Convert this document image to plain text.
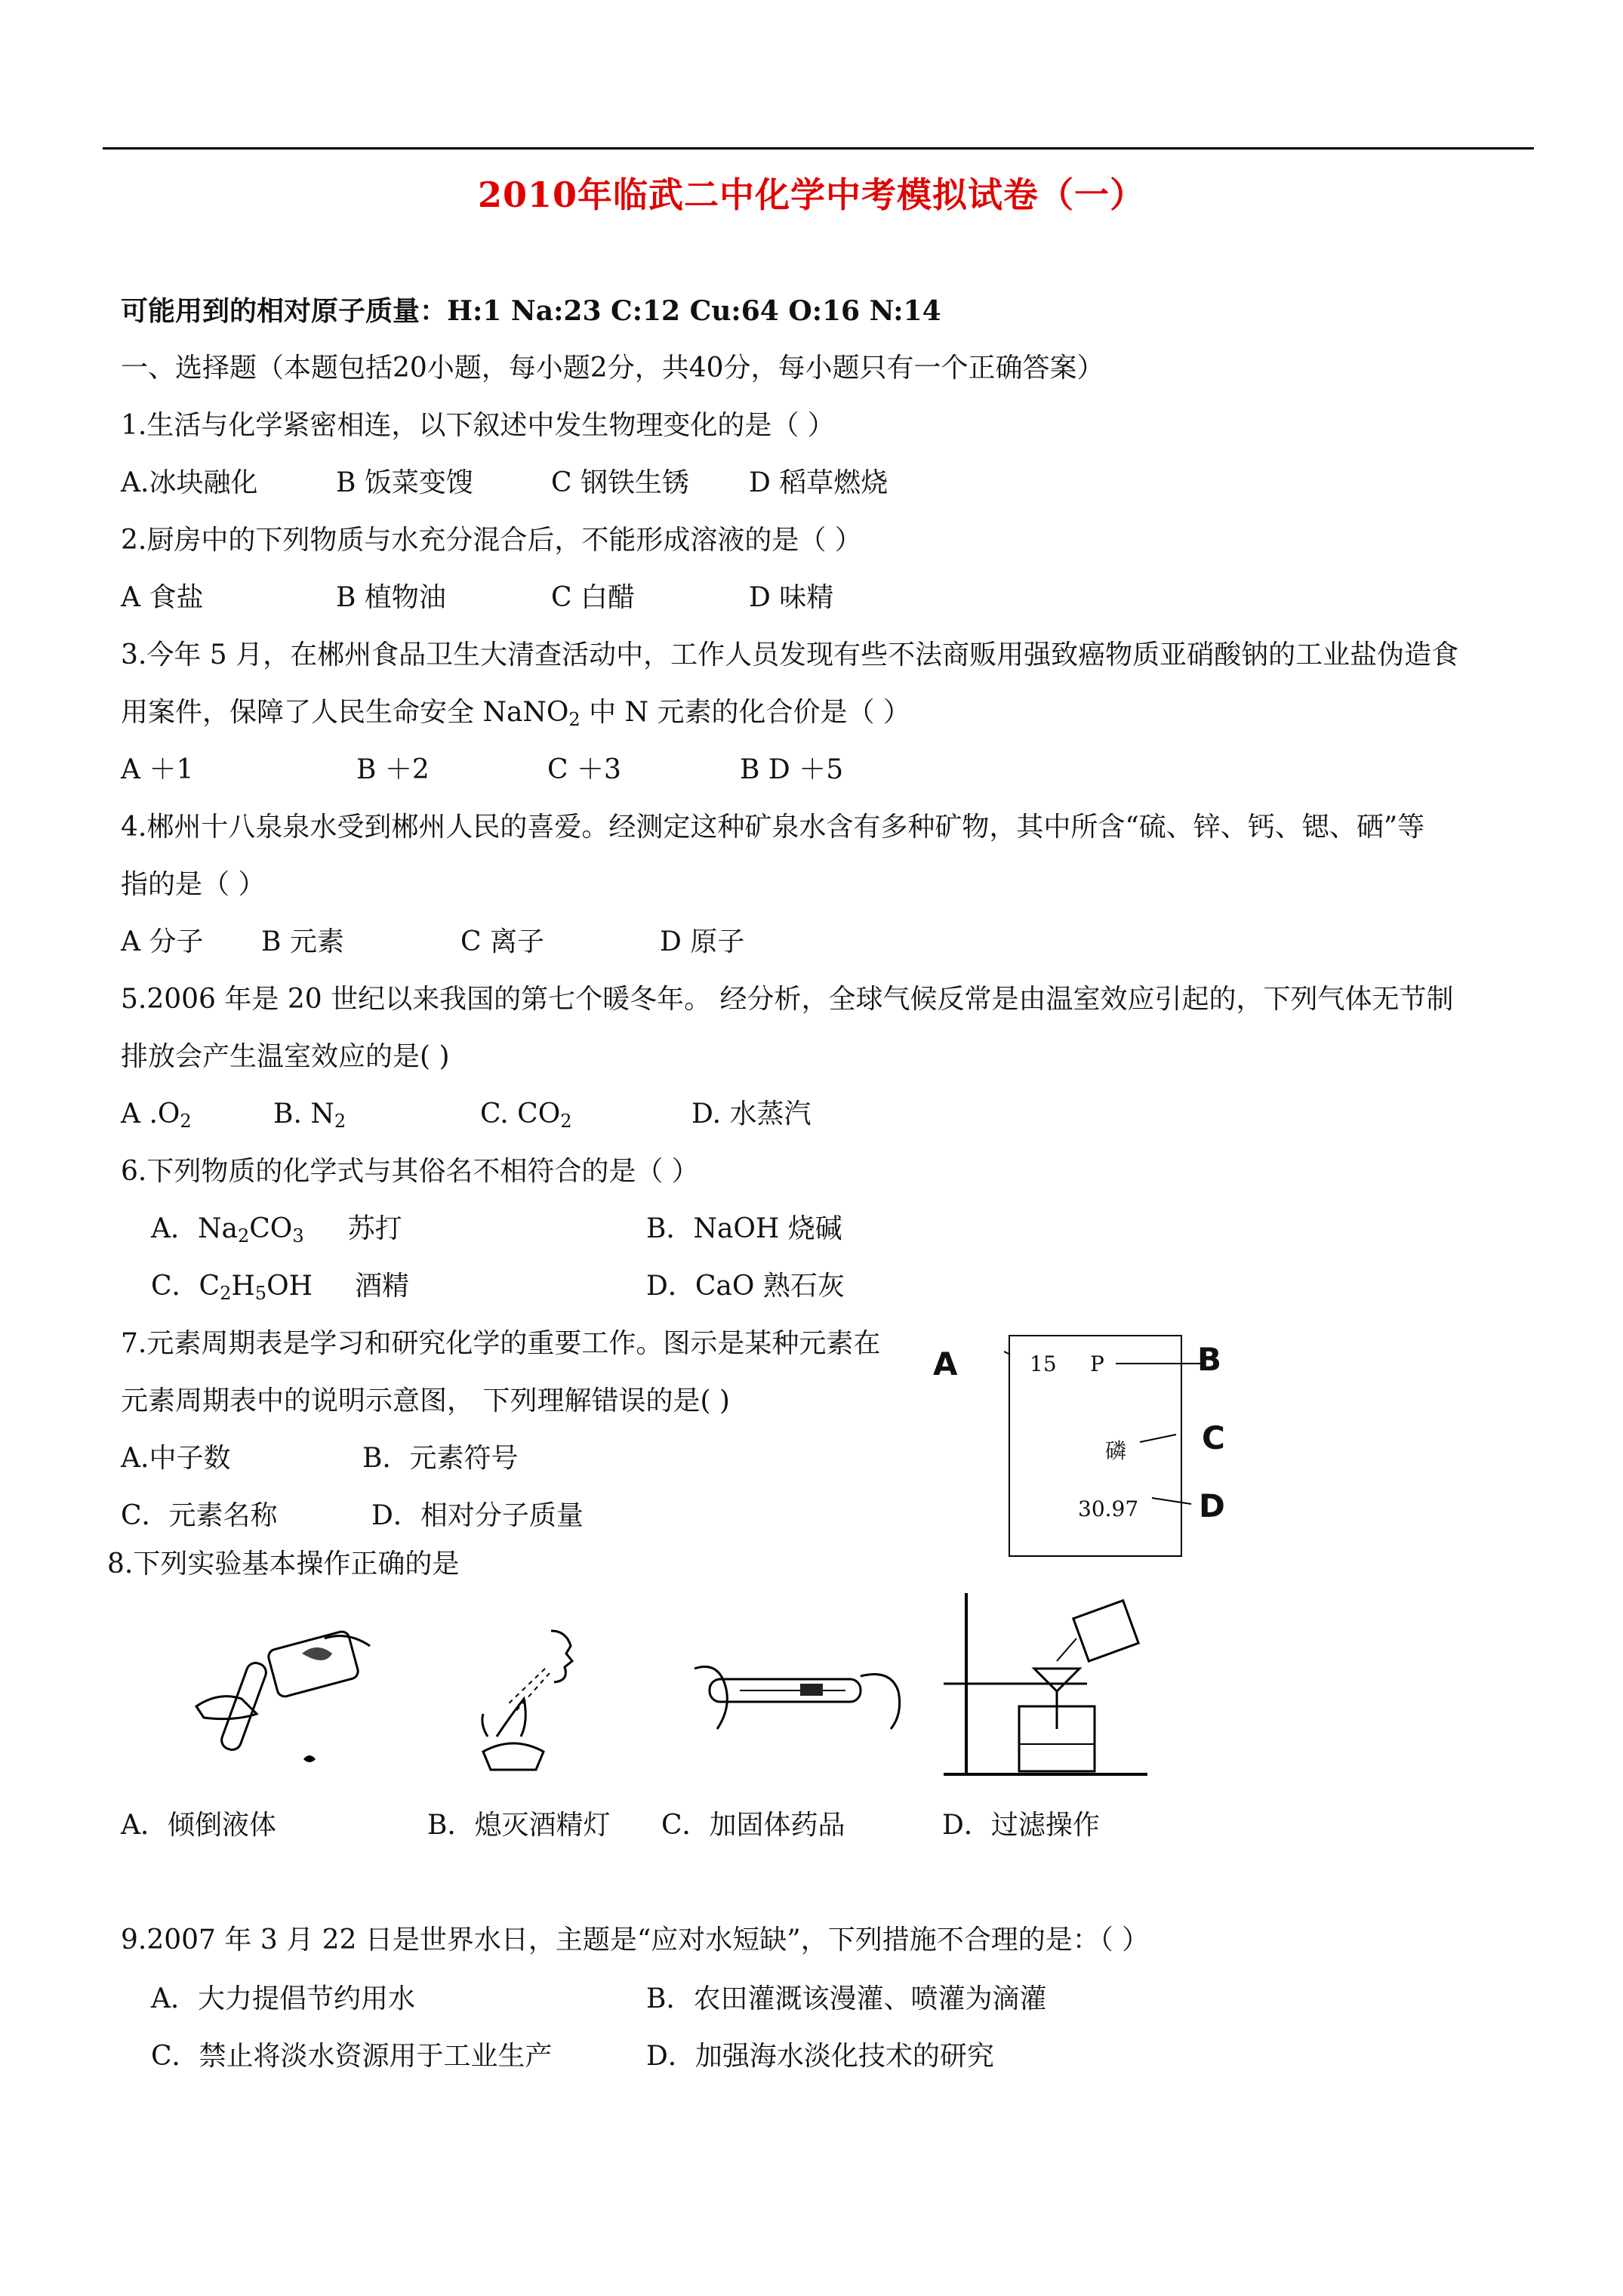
2010年临武二中化学中考模拟试卷（一）
可能用到的相对原子质量：H:1 Na:23 C:12 Cu:64 O:16 N:14
一、选择题（本题包括20小题，每小题2分，共40分，每小题只有一个正确答案）
1.生活与化学紧密相连，以下叙述中发生物理变化的是（ ）
A.冰块融化	B 饭菜变馊	C 钢铁生锈 D 稻草燃烧
2.厨房中的下列物质与水充分混合后，不能形成溶液的是（ ）
A 食盐	B 植物油	C 白醋	D 味精
3.今年 5 月，在郴州食品卫生大清查活动中，工作人员发现有些不法商贩用强致癌物质亚硝酸钠的工业盐伪造食
用案件，保障了人民生命安全 NaNO$_2$ 中 N 元素的化合价是（ ）
A ＋1	B ＋2	C ＋3	B D ＋5
4.郴州十八泉泉水受到郴州人民的喜爱。经测定这种矿泉水含有多种矿物，其中所含“硫、锌、钙、锶、硒”等
指的是（ ）
A 分子 B 元素	C 离子	D 原子
5.2006 年是 20 世纪以来我国的第七个暖冬年。 经分析，全球气候反常是由温室效应引起的，下列气体无节制
排放会产生温室效应的是( )
A $.O_2$	B. $N_2$	C. $CO_2$	D. 水蒸汽
6.下列物质的化学式与其俗名不相符合的是（ ）
A．$Na_2CO_3$ 苏打	B．NaOH 烧碱
C．$C_2H_5OH$ 酒精	D．CaO 熟石灰
7.元素周期表是学习和研究化学的重要工作。图示是某种元素在
元素周期表中的说明示意图， 下列理解错误的是( )
A.中子数	B．元素符号
C．元素名称	D．相对分子质量
15 P
磷
30.97
A	B
C
D
8.下列实验基本操作正确的是
A．倾倒液体	B．熄灭酒精灯 C．加固体药品	D．过滤操作
9.2007 年 3 月 22 日是世界水日，主题是“应对水短缺”，下列措施不合理的是：（ ）
A．大力提倡节约用水	B．农田灌溉该漫灌、喷灌为滴灌
C．禁止将淡水资源用于工业生产	D．加强海水淡化技术的研究
